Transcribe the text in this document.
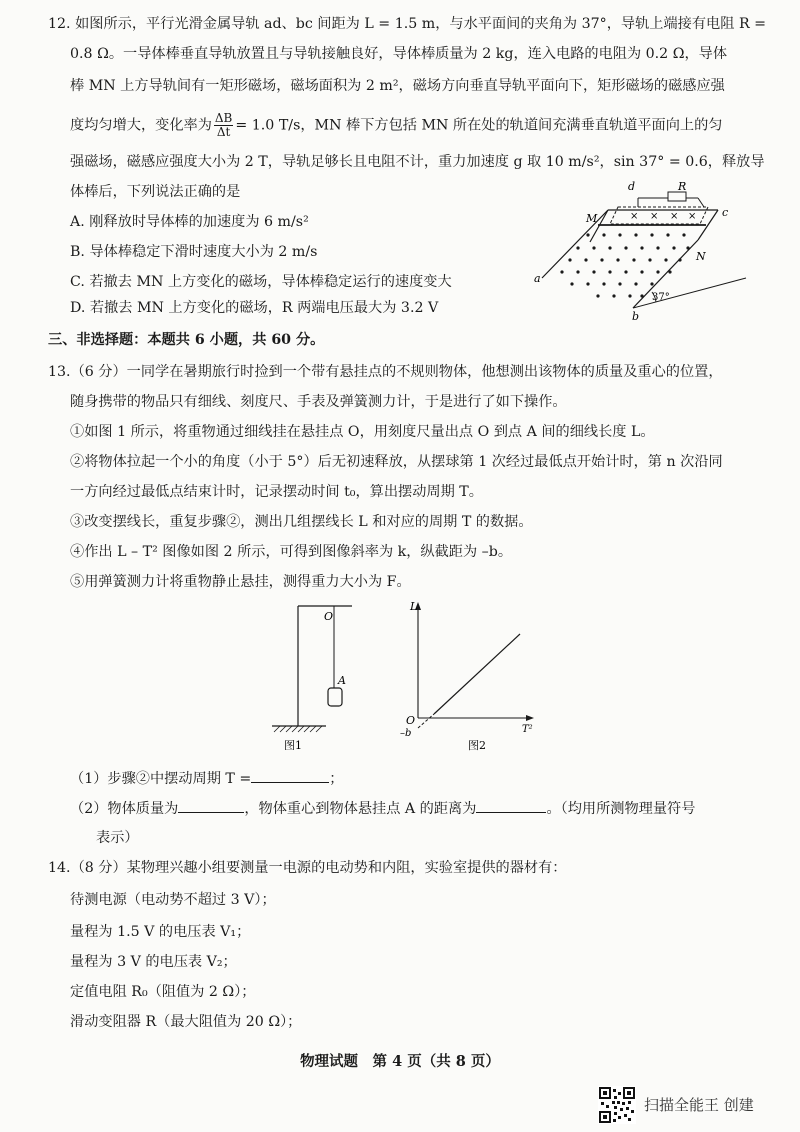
12. 如图所示，平行光滑金属导轨 ad、bc 间距为 L = 1.5 m，与水平面间的夹角为 37°，导轨上端接有电阻 R =
0.8 Ω。一导体棒垂直导轨放置且与导轨接触良好，导体棒质量为 2 kg，连入电路的电阻为 0.2 Ω，导体
棒 MN 上方导轨间有一矩形磁场，磁场面积为 2 m²，磁场方向垂直导轨平面向下，矩形磁场的磁感应强
度均匀增大，变化率为 $\frac{\Delta B}{\Delta t} = 1.0$ T/s，MN 棒下方包括 MN 所在处的轨道间充满垂直轨道平面向上的匀
强磁场，磁感应强度大小为 2 T，导轨足够长且电阻不计，重力加速度 g 取 10 m/s²，sin 37° = 0.6，释放导
体棒后，下列说法正确的是
A. 刚释放时导体棒的加速度为 6 m/s²
B. 导体棒稳定下滑时速度大小为 2 m/s
C. 若撤去 MN 上方变化的磁场，导体棒稳定运行的速度变大
D. 若撤去 MN 上方变化的磁场，R 两端电压最大为 3.2 V
× × × ×
d	R
M	c
N
a
b
37°
三、非选择题：本题共 6 小题，共 60 分。
13.（6 分）一同学在暑期旅行时捡到一个带有悬挂点的不规则物体，他想测出该物体的质量及重心的位置，
随身携带的物品只有细线、刻度尺、手表及弹簧测力计，于是进行了如下操作。
①如图 1 所示，将重物通过细线挂在悬挂点 O，用刻度尺量出点 O 到点 A 间的细线长度 L。
②将物体拉起一个小的角度（小于 5°）后无初速释放，从摆球第 1 次经过最低点开始计时，第 n 次沿同
一方向经过最低点结束计时，记录摆动时间 t₀，算出摆动周期 T。
③改变摆线长，重复步骤②，测出几组摆线长 L 和对应的周期 T 的数据。
④作出 L – T² 图像如图 2 所示，可得到图像斜率为 k，纵截距为 –b。
⑤用弹簧测力计将重物静止悬挂，测得重力大小为 F。
O
A
图1
L
O
T²
–b
图2
（1）步骤②中摆动周期 T =	；
（2）物体质量为	，物体重心到物体悬挂点 A 的距离为	。（均用所测物理量符号
表示）
14.（8 分）某物理兴趣小组要测量一电源的电动势和内阻，实验室提供的器材有：
待测电源（电动势不超过 3 V）；
量程为 1.5 V 的电压表 V₁；
量程为 3 V 的电压表 V₂；
定值电阻 R₀（阻值为 2 Ω）；
滑动变阻器 R（最大阻值为 20 Ω）；
物理试题　第 4 页（共 8 页）
扫描全能王 创建
